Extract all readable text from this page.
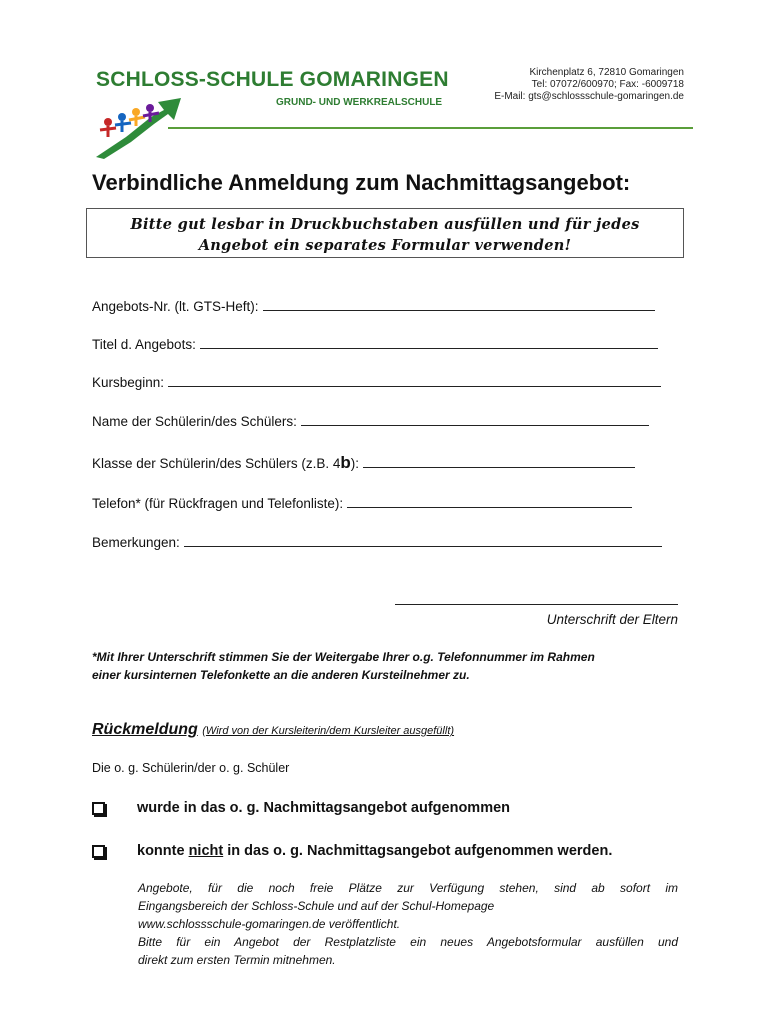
SCHLOSS-SCHULE GOMARINGEN
GRUND- UND WERKREALSCHULE
Kirchenplatz 6, 72810 Gomaringen
Tel: 07072/600970; Fax: -6009718
E-Mail: gts@schlossschule-gomaringen.de
Verbindliche Anmeldung zum Nachmittagsangebot:
Bitte gut lesbar in Druckbuchstaben ausfüllen und für jedes
Angebot ein separates Formular verwenden!
Angebots-Nr. (lt. GTS-Heft):
Titel d. Angebots:
Kursbeginn:
Name der Schülerin/des Schülers:
Klasse der Schülerin/des Schülers (z.B. 4 b ):
Telefon* (für Rückfragen und Telefonliste):
Bemerkungen:
Unterschrift der Eltern
*Mit Ihrer Unterschrift stimmen Sie der Weitergabe Ihrer o.g. Telefonnummer im Rahmen
einer kursinternen Telefonkette an die anderen Kursteilnehmer zu.
Rückmeldung (Wird von der Kursleiterin/dem Kursleiter ausgefüllt)
Die o. g. Schülerin/der o. g. Schüler
wurde in das o. g. Nachmittagsangebot aufgenommen
konnte
nicht
in das o. g. Nachmittagsangebot aufgenommen werden.
Angebote, für die noch freie Plätze zur Verfügung stehen, sind ab sofort im
Eingangsbereich der Schloss-Schule und auf der Schul-Homepage
www.schlossschule-gomaringen.de veröffentlicht.
Bitte für ein Angebot der Restplatzliste ein neues Angebotsformular ausfüllen und
direkt zum ersten Termin mitnehmen.
